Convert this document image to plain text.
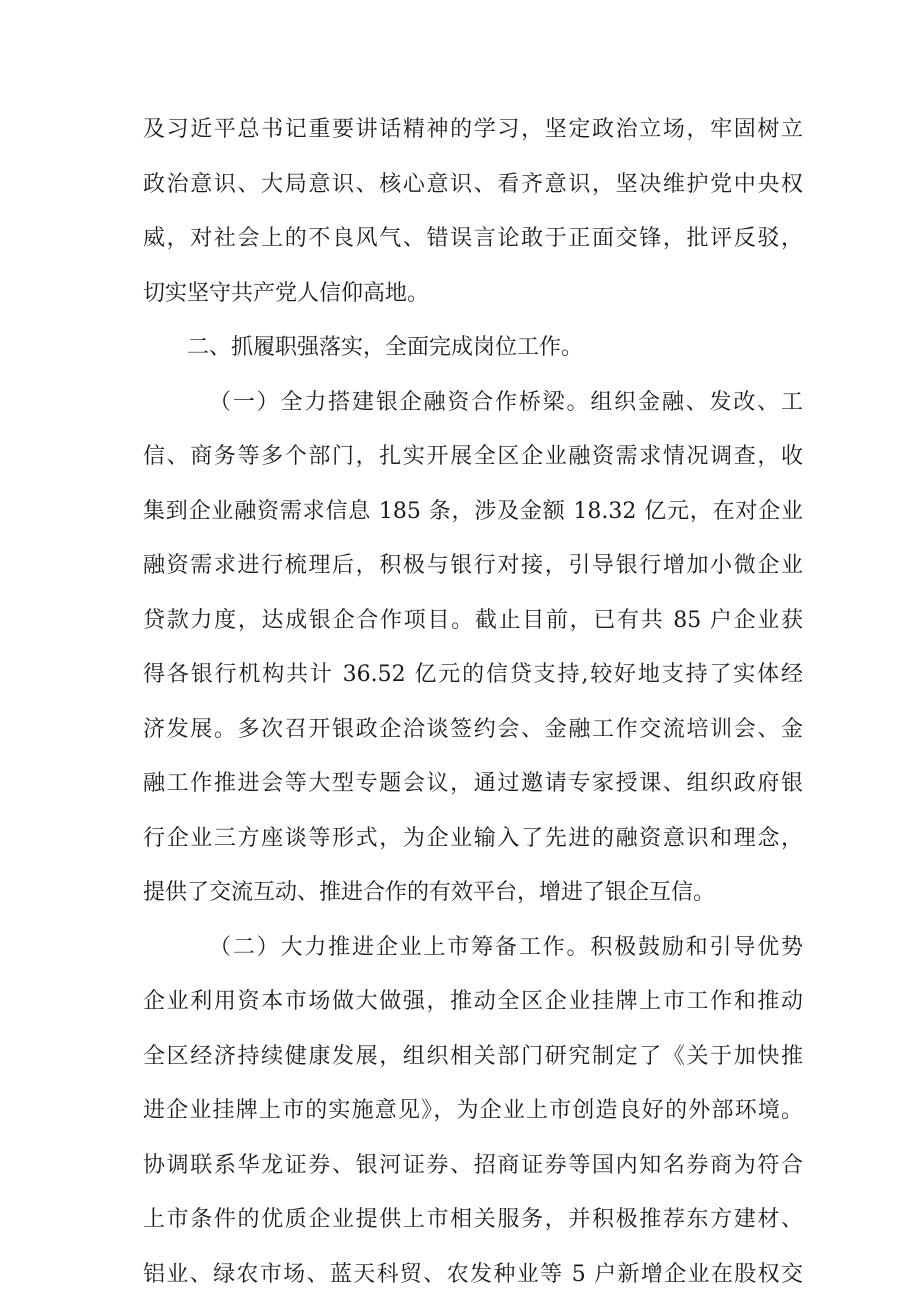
及习近平总书记重要讲话精神的学习，坚定政治立场，牢固树立
政治意识、大局意识、核心意识、看齐意识，坚决维护党中央权
威，对社会上的不良风气、错误言论敢于正面交锋，批评反驳，
切实坚守共产党人信仰高地。
二、抓履职强落实，全面完成岗位工作。
（一）全力搭建银企融资合作桥梁。组织金融、发改、工
信、商务等多个部门，扎实开展全区企业融资需求情况调查，收
集到企业融资需求信息 185 条，涉及金额 18.32 亿元，在对企业
融资需求进行梳理后，积极与银行对接，引导银行增加小微企业
贷款力度，达成银企合作项目。截止目前，已有共 85 户企业获
得各银行机构共计 36.52 亿元的信贷支持,较好地支持了实体经
济发展。多次召开银政企洽谈签约会、金融工作交流培训会、金
融工作推进会等大型专题会议，通过邀请专家授课、组织政府银
行企业三方座谈等形式，为企业输入了先进的融资意识和理念，
提供了交流互动、推进合作的有效平台，增进了银企互信。
（二）大力推进企业上市筹备工作。积极鼓励和引导优势
企业利用资本市场做大做强，推动全区企业挂牌上市工作和推动
全区经济持续健康发展，组织相关部门研究制定了《关于加快推
进企业挂牌上市的实施意见》，为企业上市创造良好的外部环境。
协调联系华龙证券、银河证券、招商证券等国内知名券商为符合
上市条件的优质企业提供上市相关服务，并积极推荐东方建材、
铝业、绿农市场、蓝天科贸、农发种业等 5 户新增企业在股权交
